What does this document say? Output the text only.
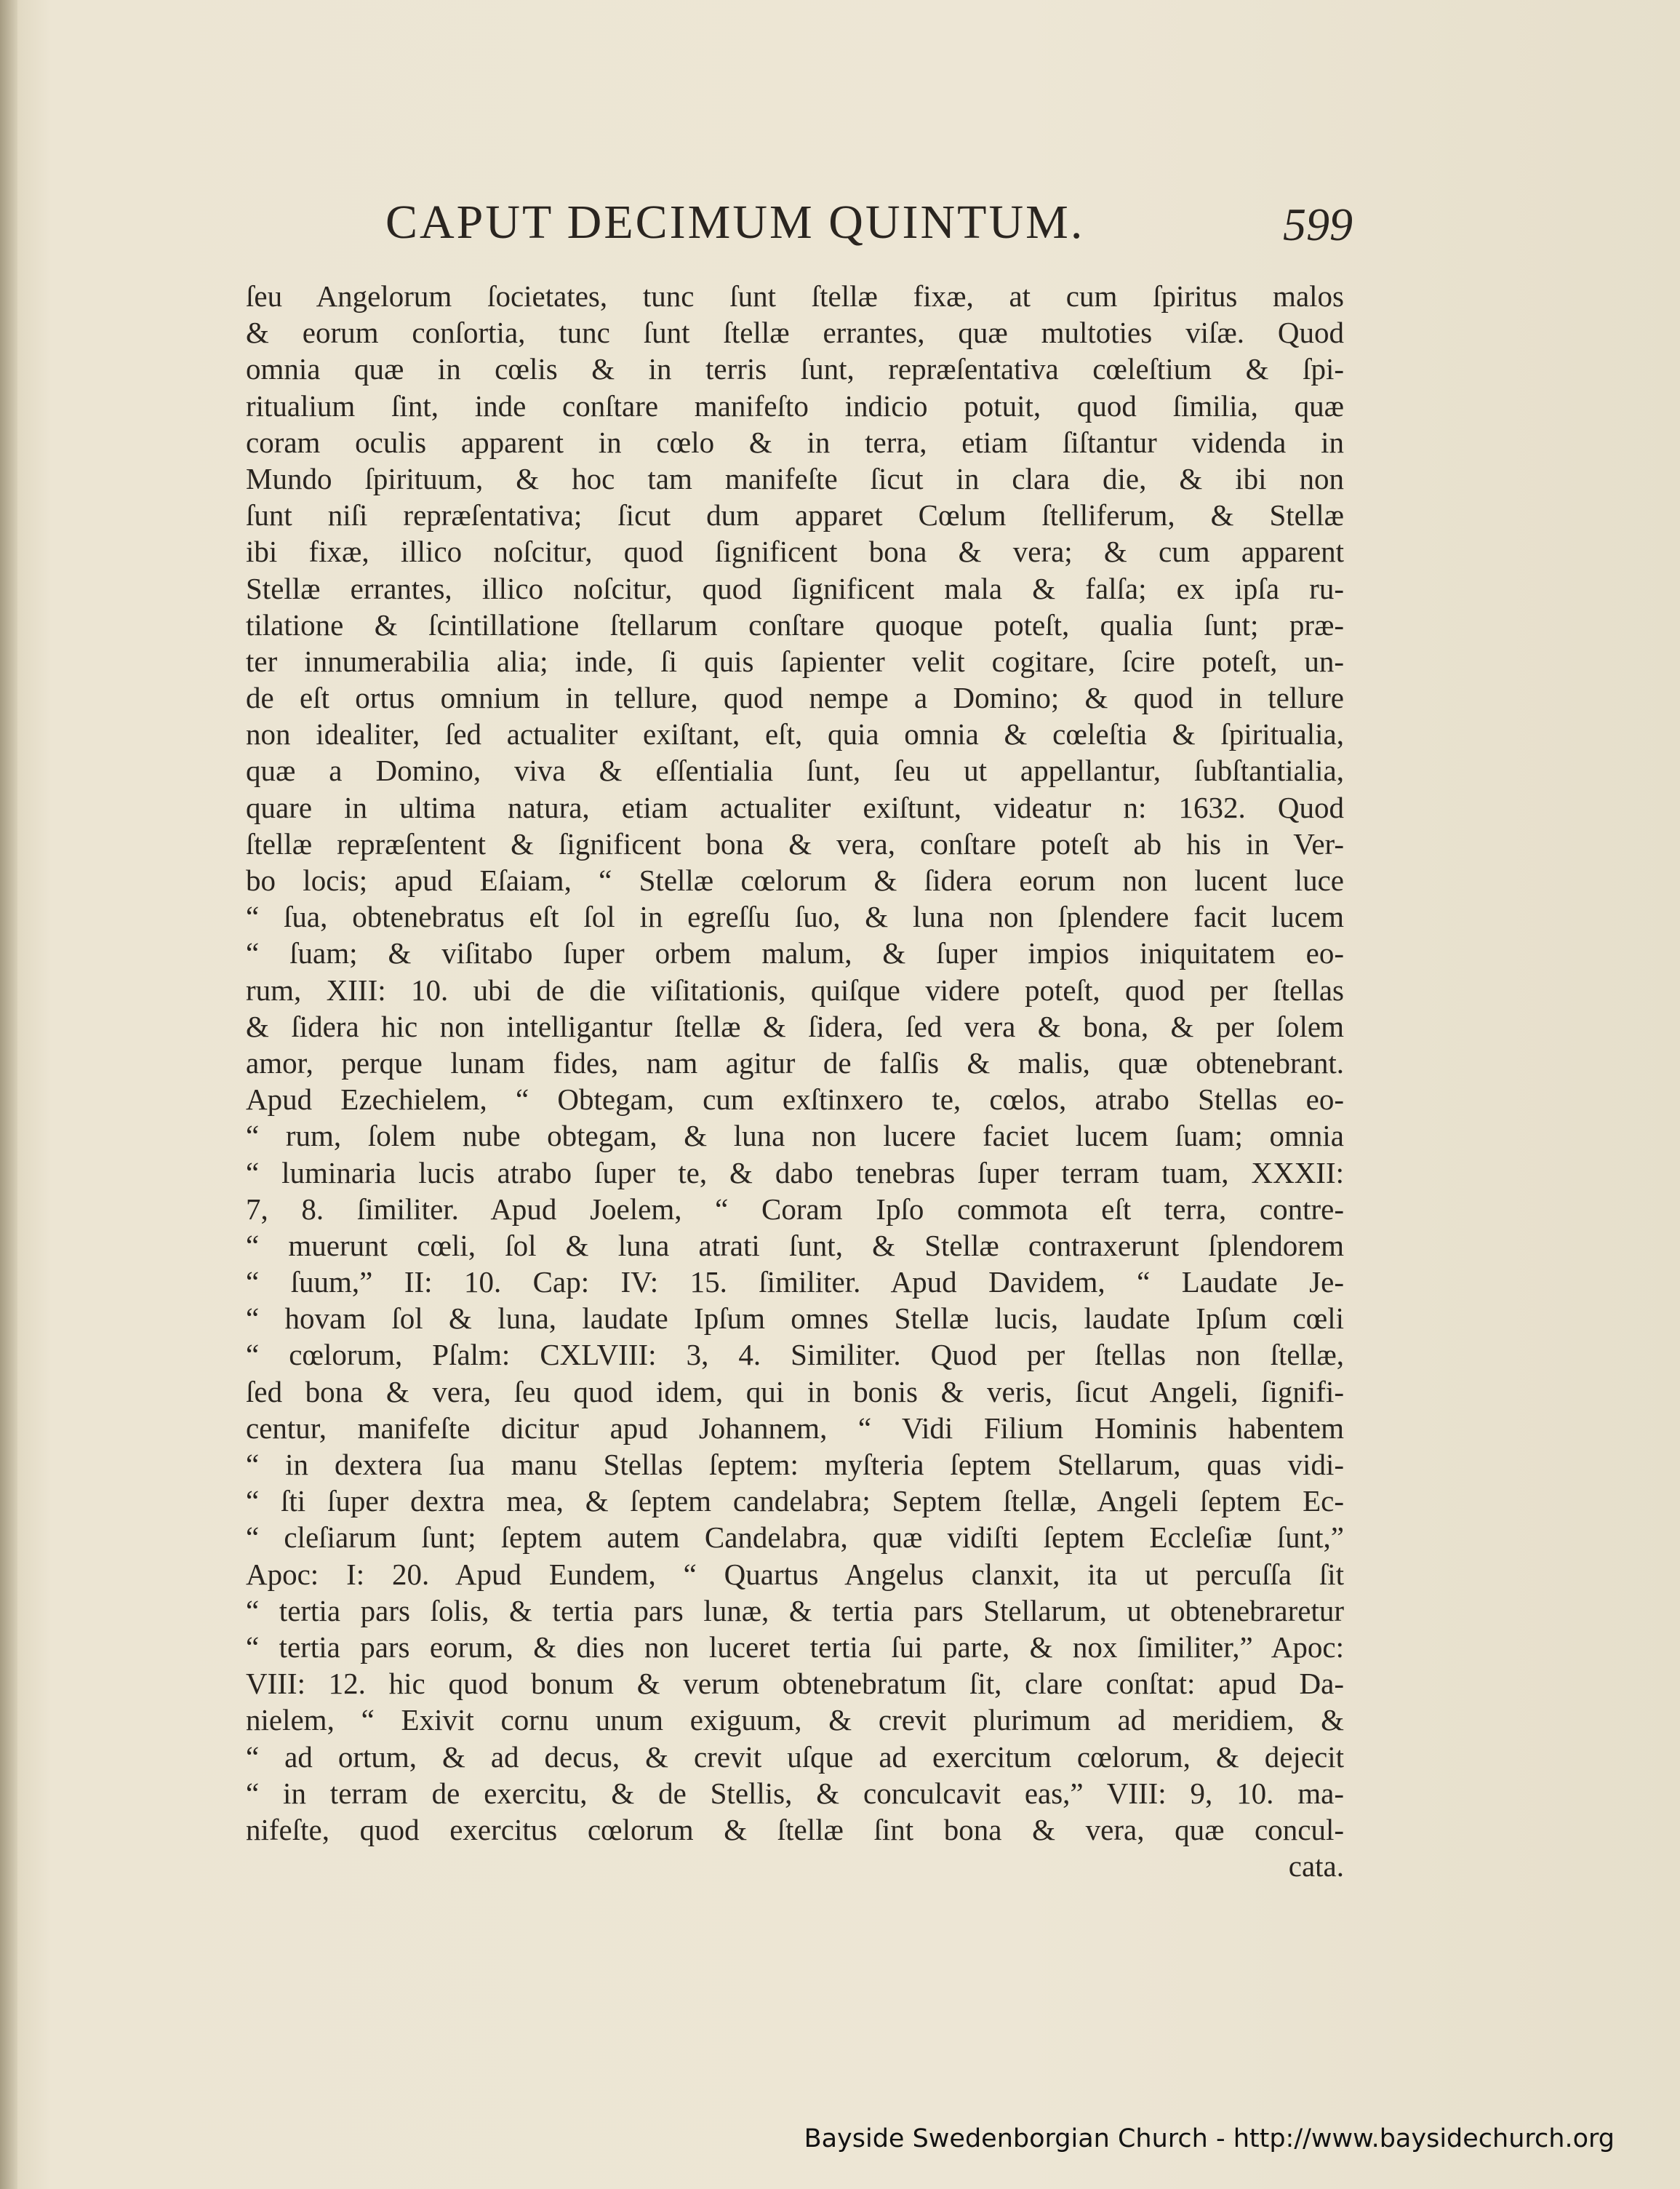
CAPUT DECIMUM QUINTUM.	599
ſeu Angelorum ſocietates, tunc ſunt ſtellæ fixæ, at cum ſpiritus malos
& eorum conſortia, tunc ſunt ſtellæ errantes, quæ multoties viſæ. Quod
omnia quæ in cœlis & in terris ſunt, repræſentativa cœleſtium & ſpi-
ritualium ſint, inde conſtare manifeſto indicio potuit, quod ſimilia, quæ
coram oculis apparent in cœlo & in terra, etiam ſiſtantur videnda in
Mundo ſpirituum, & hoc tam manifeſte ſicut in clara die, & ibi non
ſunt niſi repræſentativa; ſicut dum apparet Cœlum ſtelliferum, & Stellæ
ibi fixæ, illico noſcitur, quod ſignificent bona & vera; & cum apparent
Stellæ errantes, illico noſcitur, quod ſignificent mala & falſa; ex ipſa ru-
tilatione & ſcintillatione ſtellarum conſtare quoque poteſt, qualia ſunt; præ-
ter innumerabilia alia; inde, ſi quis ſapienter velit cogitare, ſcire poteſt, un-
de eſt ortus omnium in tellure, quod nempe a Domino; & quod in tellure
non idealiter, ſed actualiter exiſtant, eſt, quia omnia & cœleſtia & ſpiritualia,
quæ a Domino, viva & eſſentialia ſunt, ſeu ut appellantur, ſubſtantialia,
quare in ultima natura, etiam actualiter exiſtunt, videatur n: 1632. Quod
ſtellæ repræſentent & ſignificent bona & vera, conſtare poteſt ab his in Ver-
bo locis; apud Eſaiam, “ Stellæ cœlorum & ſidera eorum non lucent luce
“ ſua, obtenebratus eſt ſol in egreſſu ſuo, & luna non ſplendere facit lucem
“ ſuam; & viſitabo ſuper orbem malum, & ſuper impios iniquitatem eo-
rum, XIII: 10. ubi de die viſitationis, quiſque videre poteſt, quod per ſtellas
& ſidera hic non intelligantur ſtellæ & ſidera, ſed vera & bona, & per ſolem
amor, perque lunam fides, nam agitur de falſis & malis, quæ obtenebrant.
Apud Ezechielem, “ Obtegam, cum exſtinxero te, cœlos, atrabo Stellas eo-
“ rum, ſolem nube obtegam, & luna non lucere faciet lucem ſuam; omnia
“ luminaria lucis atrabo ſuper te, & dabo tenebras ſuper terram tuam, XXXII:
7, 8. ſimiliter. Apud Joelem, “ Coram Ipſo commota eſt terra, contre-
“ muerunt cœli, ſol & luna atrati ſunt, & Stellæ contraxerunt ſplendorem
“ ſuum,” II: 10. Cap: IV: 15. ſimiliter. Apud Davidem, “ Laudate Je-
“ hovam ſol & luna, laudate Ipſum omnes Stellæ lucis, laudate Ipſum cœli
“ cœlorum, Pſalm: CXLVIII: 3, 4. Similiter. Quod per ſtellas non ſtellæ,
ſed bona & vera, ſeu quod idem, qui in bonis & veris, ſicut Angeli, ſignifi-
centur, manifeſte dicitur apud Johannem, “ Vidi Filium Hominis habentem
“ in dextera ſua manu Stellas ſeptem: myſteria ſeptem Stellarum, quas vidi-
“ ſti ſuper dextra mea, & ſeptem candelabra; Septem ſtellæ, Angeli ſeptem Ec-
“ cleſiarum ſunt; ſeptem autem Candelabra, quæ vidiſti ſeptem Eccleſiæ ſunt,”
Apoc: I: 20. Apud Eundem, “ Quartus Angelus clanxit, ita ut percuſſa ſit
“ tertia pars ſolis, & tertia pars lunæ, & tertia pars Stellarum, ut obtenebraretur
“ tertia pars eorum, & dies non luceret tertia ſui parte, & nox ſimiliter,” Apoc:
VIII: 12. hic quod bonum & verum obtenebratum ſit, clare conſtat: apud Da-
nielem, “ Exivit cornu unum exiguum, & crevit plurimum ad meridiem, &
“ ad ortum, & ad decus, & crevit uſque ad exercitum cœlorum, & dejecit
“ in terram de exercitu, & de Stellis, & conculcavit eas,” VIII: 9, 10. ma-
nifeſte, quod exercitus cœlorum & ſtellæ ſint bona & vera, quæ concul-
cata.
Bayside Swedenborgian Church - http://www.baysidechurch.org
